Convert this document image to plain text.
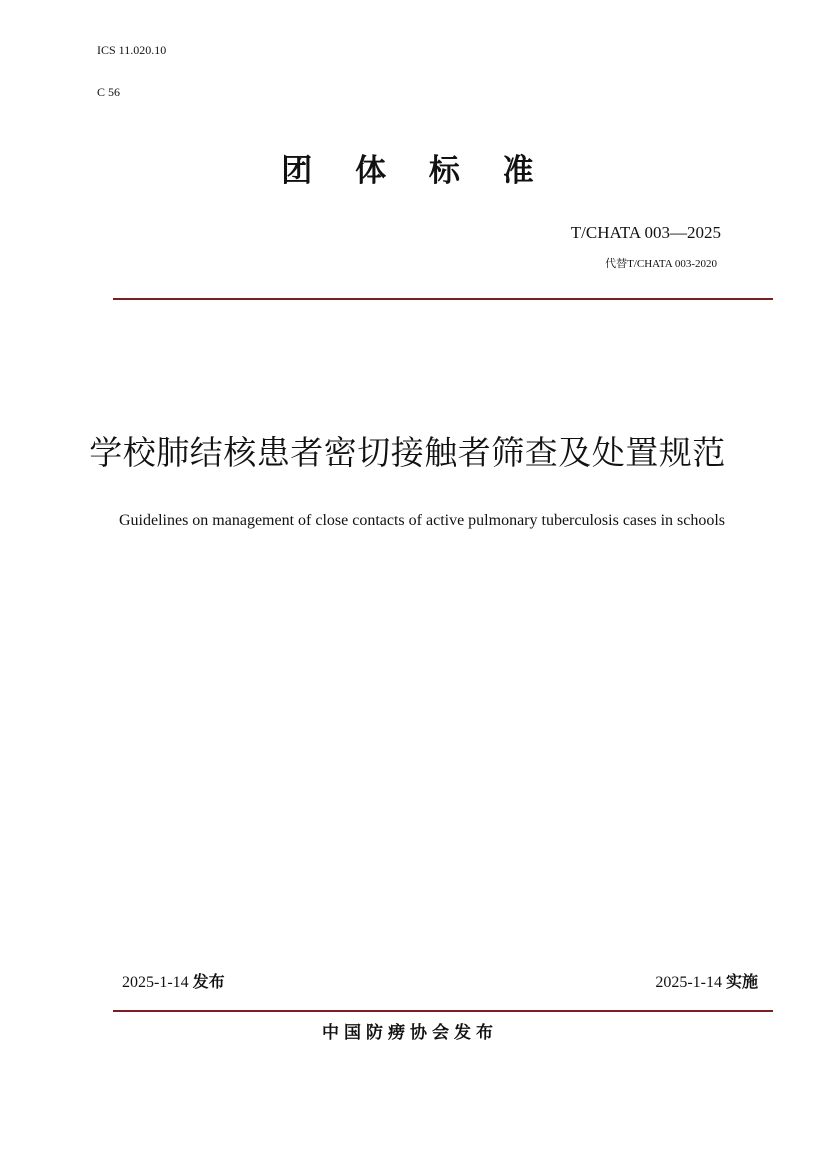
ICS 11.020.10
C 56
团 体 标 准
T/CHATA 003—2025
代替T/CHATA 003-2020
学校肺结核患者密切接触者筛查及处置规范
Guidelines on management of close contacts of active pulmonary tuberculosis cases in schools
2025-1-14 发布	2025-1-14 实施
中国防痨协会发布
